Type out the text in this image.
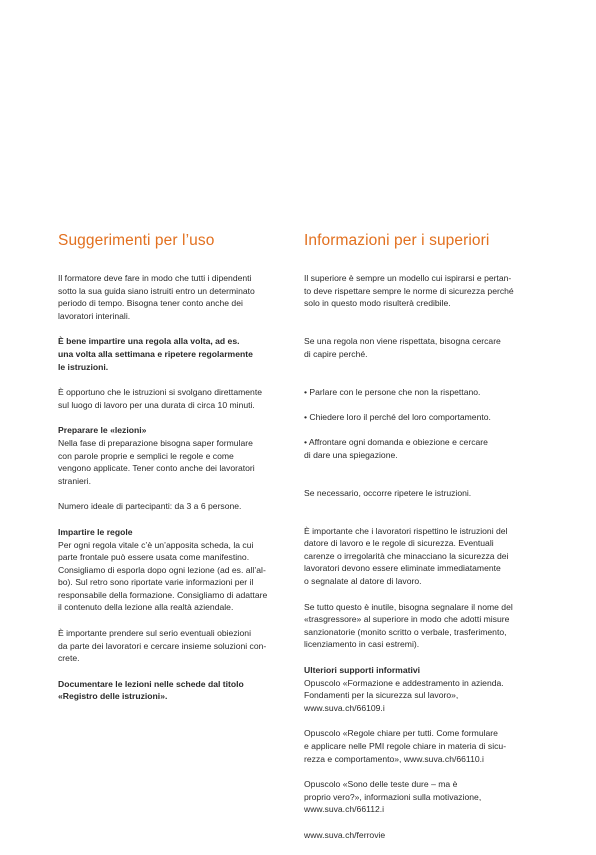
Suggerimenti per l’uso

Il formatore deve fare in modo che tutti i dipendenti
sotto la sua guida siano istruiti entro un determinato
periodo di tempo. Bisogna tener conto anche dei
lavoratori interinali.

È bene impartire una regola alla volta, ad es.
una volta alla settimana e ripetere regolarmente
le istruzioni.

È opportuno che le istruzioni si svolgano direttamente
sul luogo di lavoro per una durata di circa 10 minuti.

Preparare le «lezioni»
Nella fase di preparazione bisogna saper formulare
con parole proprie e semplici le regole e come
vengono applicate. Tener conto anche dei lavoratori
stranieri.

Numero ideale di partecipanti: da 3 a 6 persone.

Impartire le regole
Per ogni regola vitale c’è un’apposita scheda, la cui
parte frontale può essere usata come manifestino.
Consigliamo di esporla dopo ogni lezione (ad es. all’al-
bo). Sul retro sono riportate varie informazioni per il
responsabile della formazione. Consigliamo di adattare
il contenuto della lezione alla realtà aziendale.

È importante prendere sul serio eventuali obiezioni
da parte dei lavoratori e cercare insieme soluzioni con-
crete.

Documentare le lezioni nelle schede dal titolo
«Registro delle istruzioni».

Informazioni per i superiori

Il superiore è sempre un modello cui ispirarsi e pertan-
to deve rispettare sempre le norme di sicurezza perché
solo in questo modo risulterà credibile.

Se una regola non viene rispettata, bisogna cercare
di capire perché.

• Parlare con le persone che non la rispettano.

• Chiedere loro il perché del loro comportamento.

• Affrontare ogni domanda e obiezione e cercare
di dare una spiegazione.

Se necessario, occorre ripetere le istruzioni.

È importante che i lavoratori rispettino le istruzioni del
datore di lavoro e le regole di sicurezza. Eventuali
carenze o irregolarità che minacciano la sicurezza dei
lavoratori devono essere eliminate immediatamente
o segnalate al datore di lavoro.

Se tutto questo è inutile, bisogna segnalare il nome del
«trasgressore» al superiore in modo che adotti misure
sanzionatorie (monito scritto o verbale, trasferimento,
licenziamento in casi estremi).

Ulteriori supporti informativi
Opuscolo «Formazione e addestramento in azienda.
Fondamenti per la sicurezza sul lavoro»,
www.suva.ch/66109.i

Opuscolo «Regole chiare per tutti. Come formulare
e applicare nelle PMI regole chiare in materia di sicu-
rezza e comportamento», www.suva.ch/66110.i

Opuscolo «Sono delle teste dure – ma è
proprio vero?», informazioni sulla motivazione,
www.suva.ch/66112.i

www.suva.ch/ferrovie
